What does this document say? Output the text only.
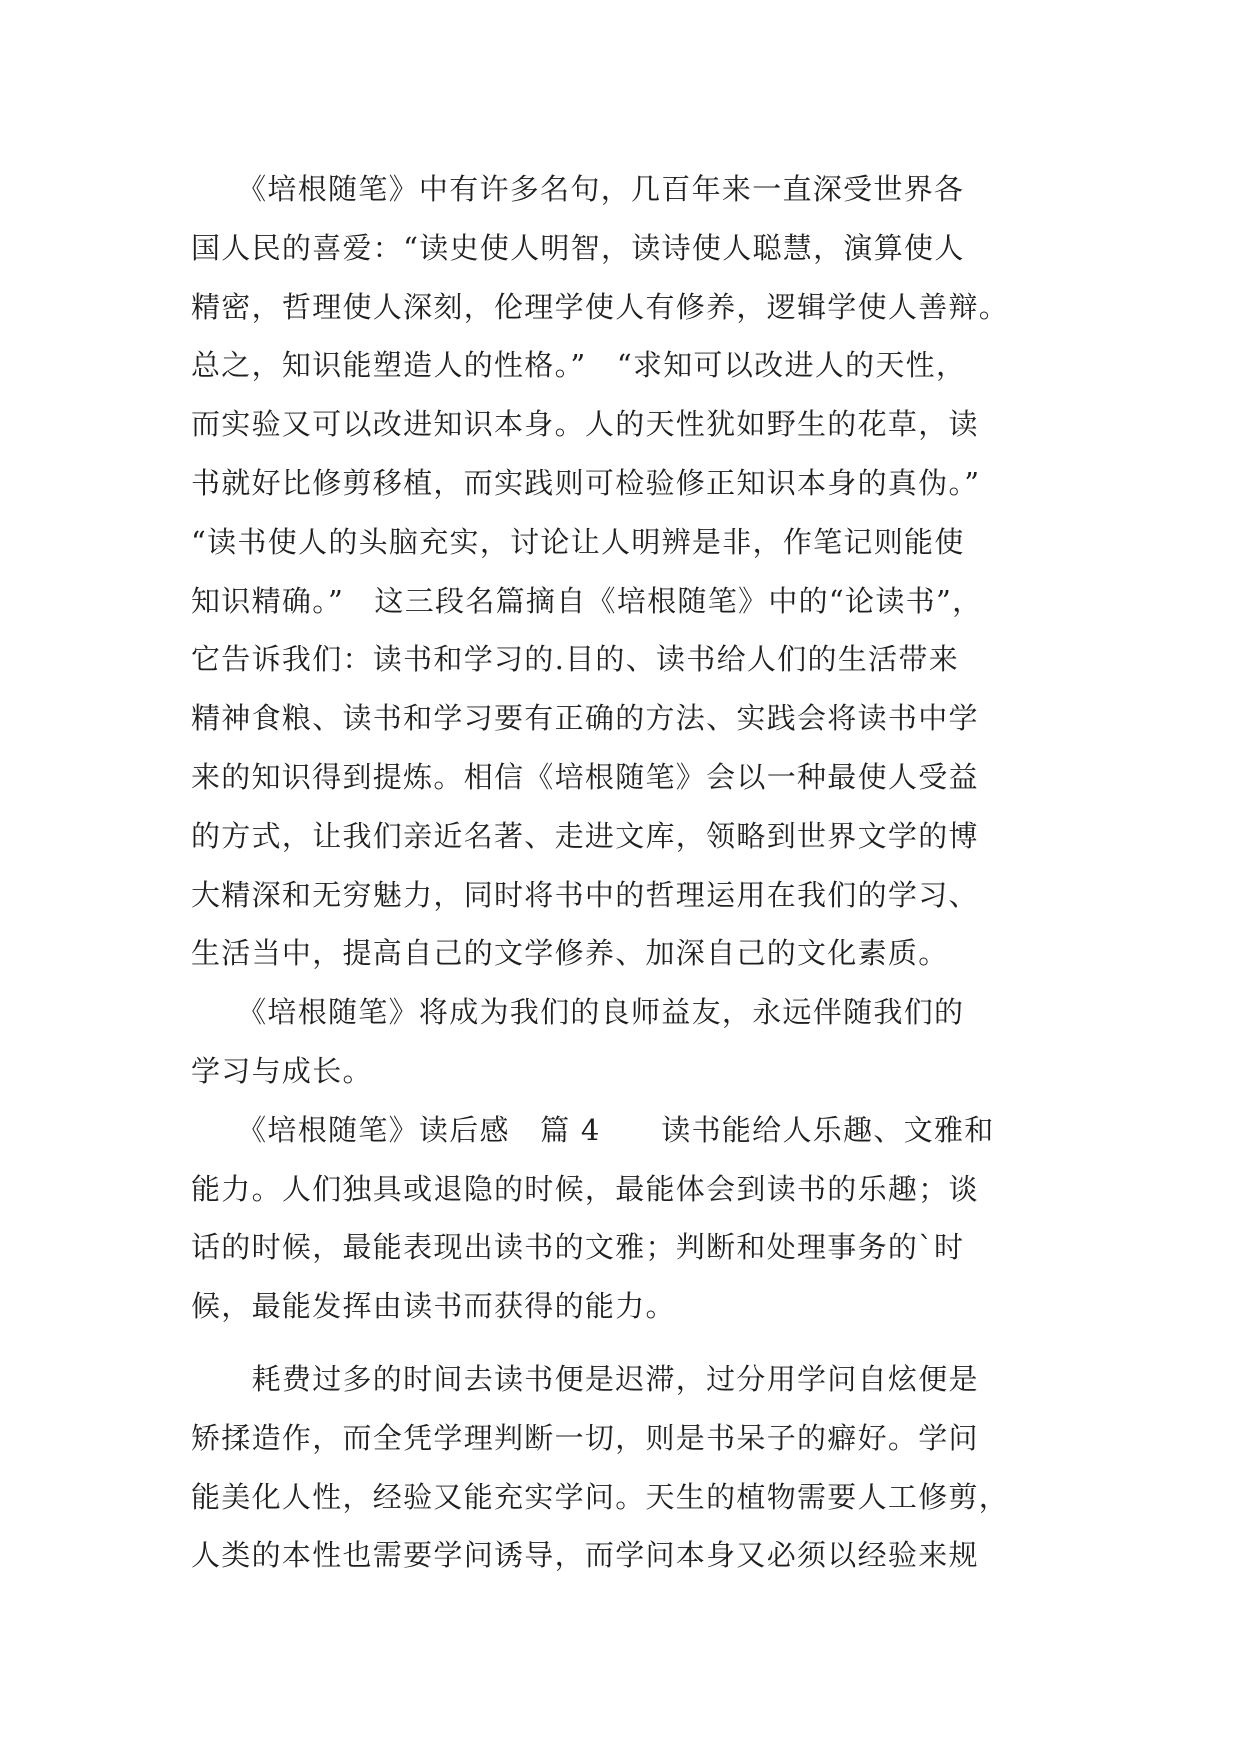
　　《培根随笔》中有许多名句，几百年来一直深受世界各
国人民的喜爱：“读史使人明智，读诗使人聪慧，演算使人
精密，哲理使人深刻，伦理学使人有修养，逻辑学使人善辩。
总之，知识能塑造人的性格。”　“求知可以改进人的天性，
而实验又可以改进知识本身。人的天性犹如野生的花草，读
书就好比修剪移植，而实践则可检验修正知识本身的真伪。”
“读书使人的头脑充实，讨论让人明辨是非，作笔记则能使
知识精确。”　这三段名篇摘自《培根随笔》中的“论读书”，
它告诉我们：读书和学习的.目的、读书给人们的生活带来
精神食粮、读书和学习要有正确的方法、实践会将读书中学
来的知识得到提炼。相信《培根随笔》会以一种最使人受益
的方式，让我们亲近名著、走进文库，领略到世界文学的博
大精深和无穷魅力，同时将书中的哲理运用在我们的学习、
生活当中，提高自己的文学修养、加深自己的文化素质。
　　《培根随笔》将成为我们的良师益友，永远伴随我们的
学习与成长。
　　《培根随笔》读后感　篇 4　　读书能给人乐趣、文雅和
能力。人们独具或退隐的时候，最能体会到读书的乐趣；谈
话的时候，最能表现出读书的文雅；判断和处理事务的`时
候，最能发挥由读书而获得的能力。
　　耗费过多的时间去读书便是迟滞，过分用学问自炫便是
矫揉造作，而全凭学理判断一切，则是书呆子的癖好。学问
能美化人性，经验又能充实学问。天生的植物需要人工修剪，
人类的本性也需要学问诱导，而学问本身又必须以经验来规
